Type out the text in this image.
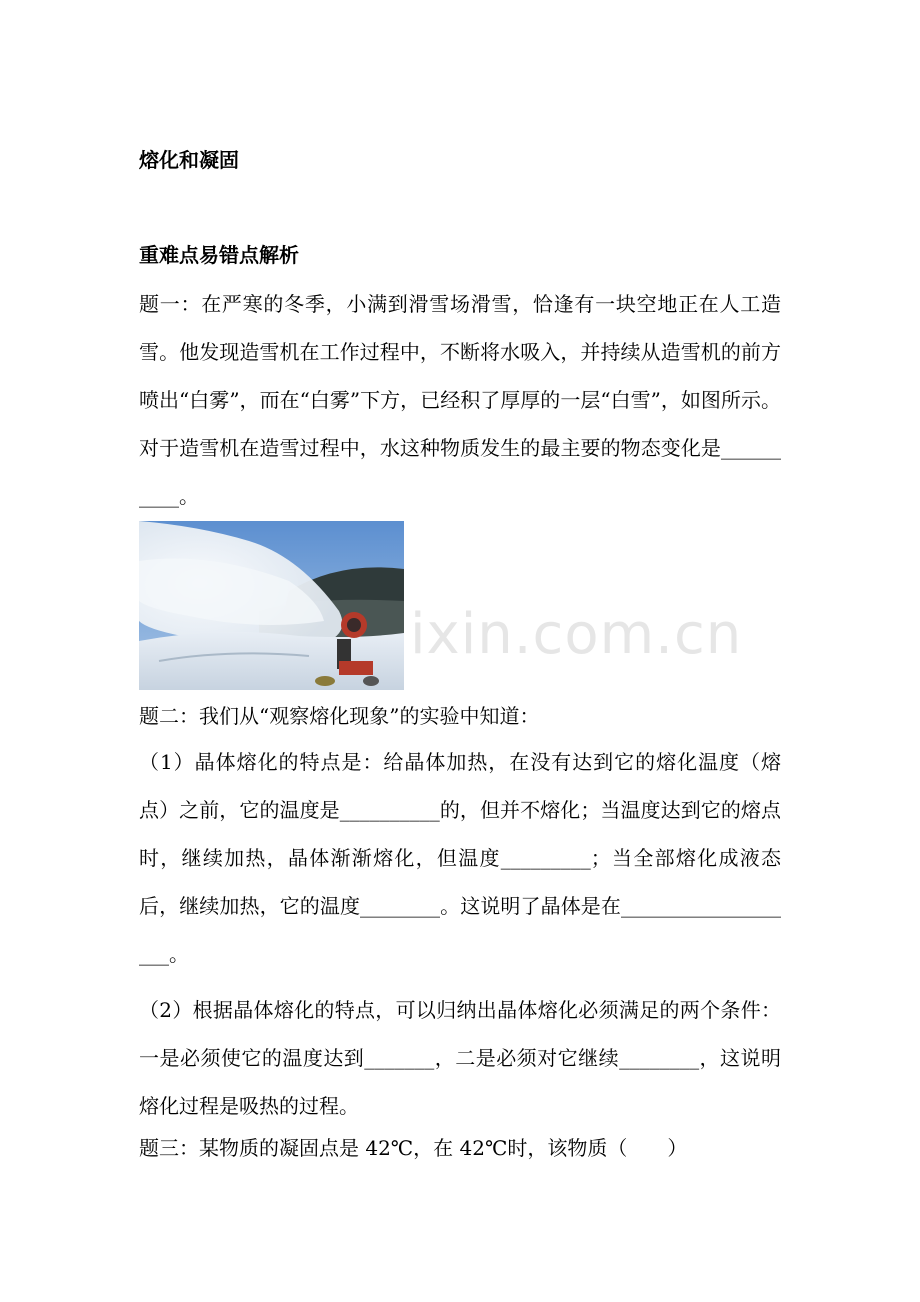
熔化和凝固
重难点易错点解析
题一：在严寒的冬季，小满到滑雪场滑雪，恰逢有一块空地正在人工造雪。他发现造雪机在工作过程中，不断将水吸入，并持续从造雪机的前方喷出“白雾”，而在“白雾”下方，已经积了厚厚的一层“白雪”，如图所示。对于造雪机在造雪过程中，水这种物质发生的最主要的物态变化是__________。
ixin.com.cn
题二：我们从“观察熔化现象”的实验中知道：
（1）晶体熔化的特点是：给晶体加热，在没有达到它的熔化温度（熔点）之前，它的温度是__________的，但并不熔化；当温度达到它的熔点时，继续加热，晶体渐渐熔化，但温度_________；当全部熔化成液态后，继续加热，它的温度________。这说明了晶体是在___________________。
（2）根据晶体熔化的特点，可以归纳出晶体熔化必须满足的两个条件：一是必须使它的温度达到_______，二是必须对它继续________，这说明熔化过程是吸热的过程。
题三：某物质的凝固点是 42℃，在 42℃时，该物质（　　）
